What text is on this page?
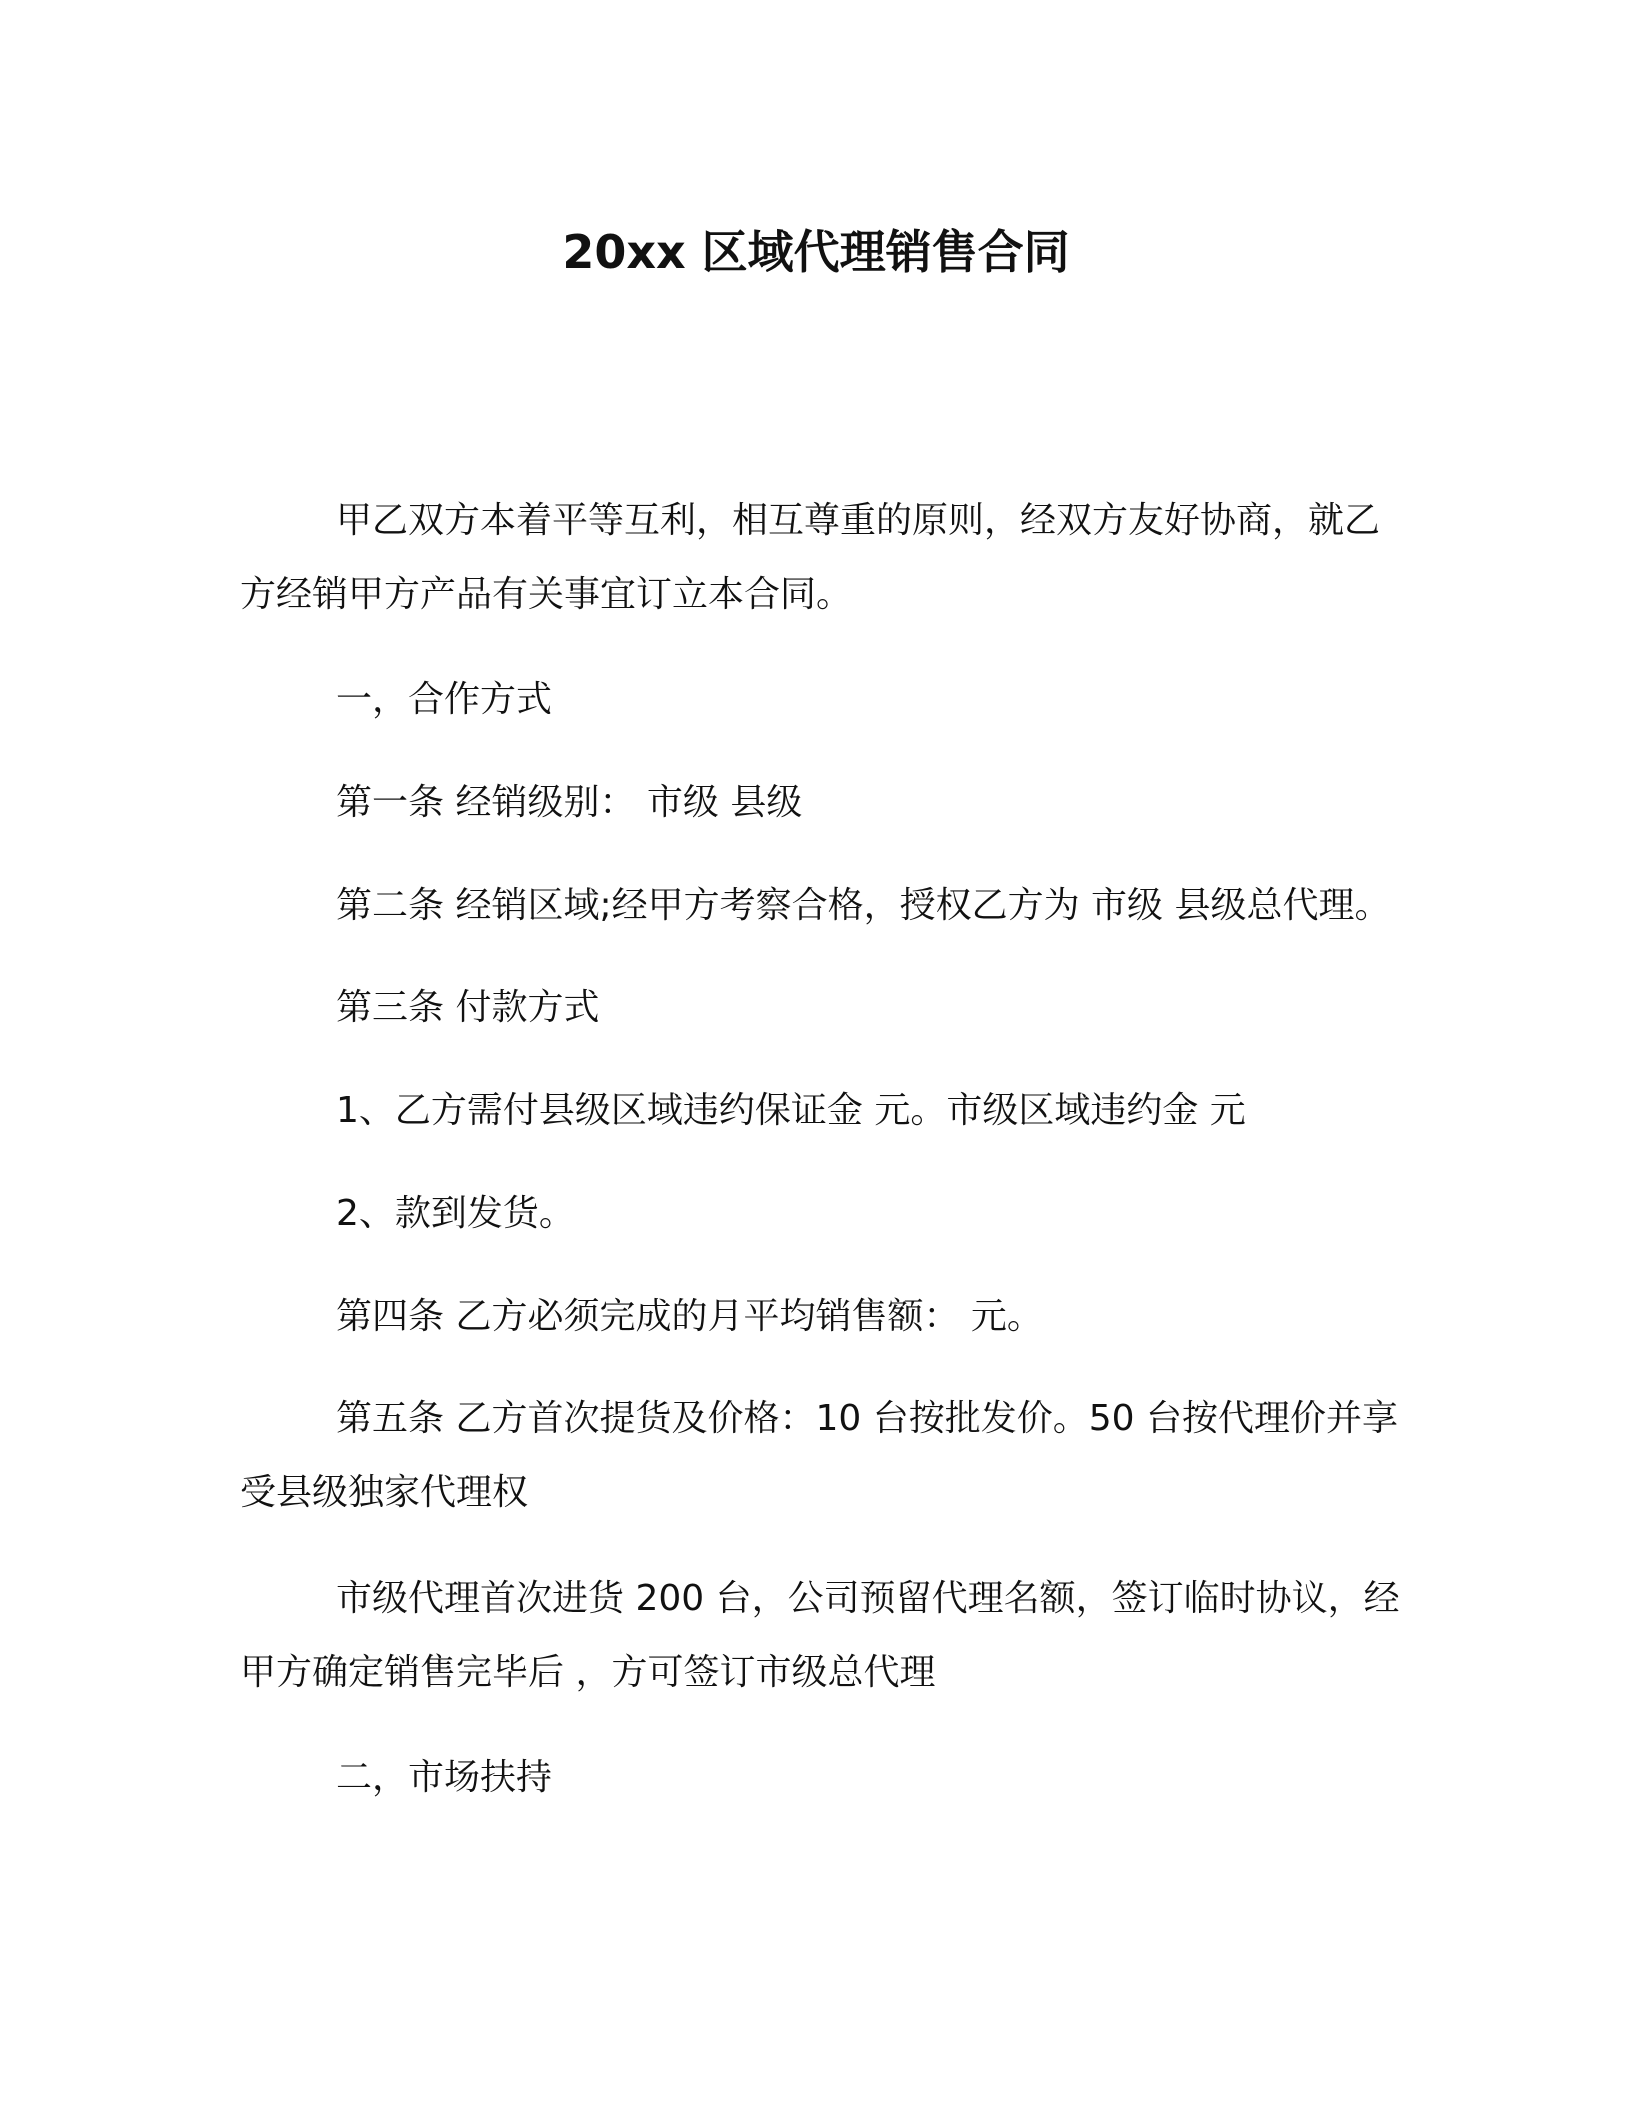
20xx 区域代理销售合同
甲乙双方本着平等互利，相互尊重的原则，经双方友好协商，就乙方经销甲方产品有关事宜订立本合同。
一，合作方式
第一条 经销级别： 市级 县级
第二条 经销区域;经甲方考察合格，授权乙方为 市级 县级总代理。
第三条 付款方式
1、乙方需付县级区域违约保证金 元。市级区域违约金 元
2、款到发货。
第四条 乙方必须完成的月平均销售额： 元。
第五条 乙方首次提货及价格：10 台按批发价。50 台按代理价并享受县级独家代理权
市级代理首次进货 200 台，公司预留代理名额，签订临时协议，经甲方确定销售完毕后 ，方可签订市级总代理
二，市场扶持
